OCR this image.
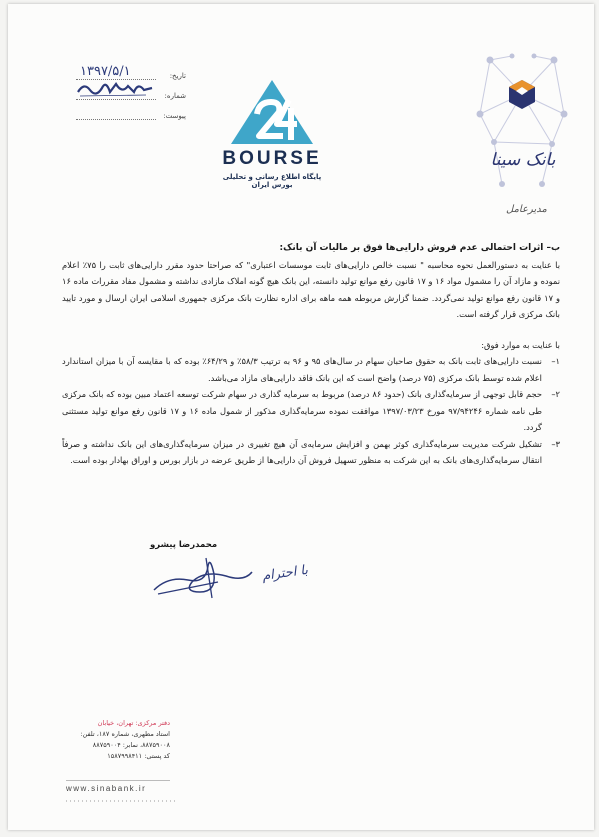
تاریخ:
۱۳۹۷/۵/۱
شماره:
پیوست:
BOURSE
پایگاه اطلاع رسانی و تحلیلی بورس ایران
بانک سینا
مدیرعامل

ب– اثرات احتمالی عدم فروش دارایی‌ها فوق بر مالیات آن بانک:

با عنایت به دستورالعمل نحوه محاسبه " نسبت خالص دارایی‌های ثابت موسسات اعتباری" که صراحتا حدود مقرر دارایی‌های ثابت را ۷۵٪ اعلام نموده و مازاد آن را مشمول مواد ۱۶ و ۱۷ قانون رفع موانع تولید دانسته، این بانک هیچ گونه املاک مازادی نداشته و مشمول مفاد مقررات ماده ۱۶ و ۱۷ قانون رفع موانع تولید نمی‌گردد. ضمنا گزارش مربوطه همه ماهه برای اداره نظارت بانک مرکزی جمهوری اسلامی ایران ارسال و مورد تایید بانک مرکزی قرار گرفته است.

با عنایت به موارد فوق:

۱–
نسبت دارایی‌های ثابت بانک به حقوق صاحبان سهام در سال‌های ۹۵ و ۹۶ به ترتیب ۵۸/۳٪ و ۶۴/۲۹٪ بوده که با مقایسه آن با میزان استاندارد اعلام شده توسط بانک مرکزی (۷۵ درصد) واضح است که این بانک فاقد دارایی‌های مازاد می‌باشد.
۲–
حجم قابل توجهی از سرمایه‌گذاری بانک (حدود ۸۶ درصد) مربوط به سرمایه گذاری در سهام شرکت توسعه اعتماد مبین بوده که بانک مرکزی طی نامه شماره ۹۷/۹۴۲۴۶ مورخ ۱۳۹۷/۰۳/۲۳ موافقت نموده سرمایه‌گذاری مذکور از شمول ماده ۱۶ و ۱۷ قانون رفع موانع تولید مستثنی گردد.
۳–
تشکیل شرکت مدیریت سرمایه‌گذاری کوثر بهمن و افزایش سرمایه‌ی آن هیچ تغییری در میزان سرمایه‌گذاری‌های این بانک نداشته و صرفاً انتقال سرمایه‌گذاری‌های بانک به این شرکت به منظور تسهیل فروش آن دارایی‌ها از طریق عرضه در بازار بورس و اوراق بهادار بوده است.
محمدرضا پیشرو
با احترام
دفتر مرکزی: تهران، خیابان
استاد مطهری، شماره ۱۸۷، تلفن:
۸۸۷۵۹۰۰۸، نمابر: ۸۸۷۵۹۰۰۴
کد پستی: ۱۵۸۷۹۹۸۴۱۱
www.sinabank.ir
